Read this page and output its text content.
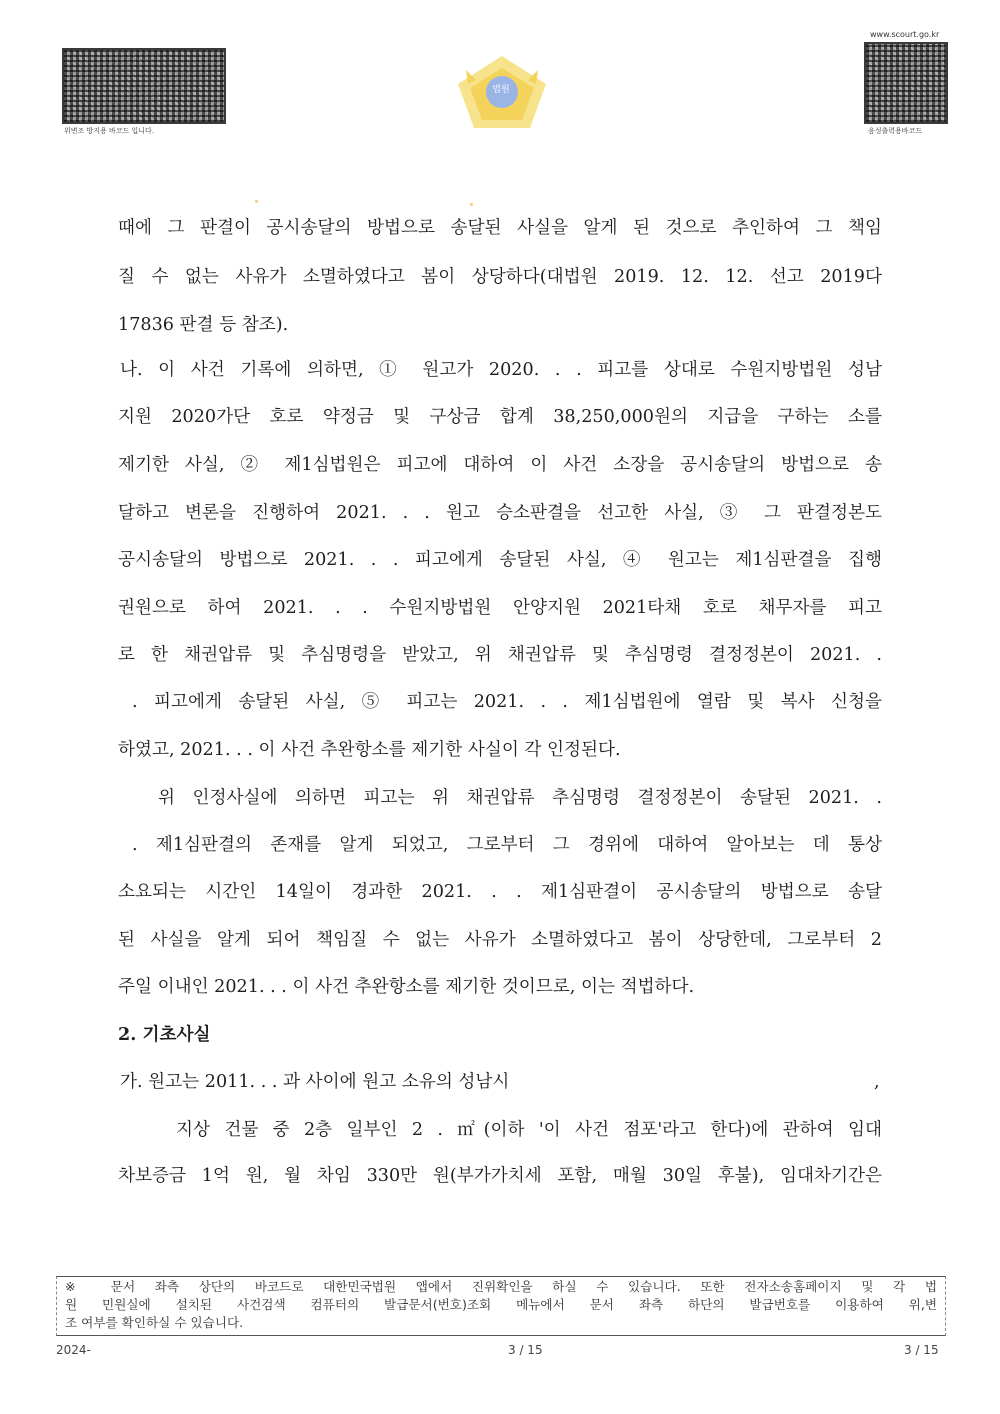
위변조 방지용 바코드 입니다.
법원
www.scourt.go.kr
음성출력용바코드
때에 그 판결이 공시송달의 방법으로 송달된 사실을 알게 된 것으로 추인하여 그 책임
질 수 없는 사유가 소멸하였다고 봄이 상당하다(대법원 2019. 12. 12. 선고 2019다
17836 판결 등 참조).
나. 이 사건 기록에 의하면, ① 원고가 2020. . . 피고를 상대로 수원지방법원 성남
지원 2020가단 호로 약정금 및 구상금 합계 38,250,000원의 지급을 구하는 소를
제기한 사실, ② 제1심법원은 피고에 대하여 이 사건 소장을 공시송달의 방법으로 송
달하고 변론을 진행하여 2021. . . 원고 승소판결을 선고한 사실, ③ 그 판결정본도
공시송달의 방법으로 2021. . . 피고에게 송달된 사실, ④ 원고는 제1심판결을 집행
권원으로 하여 2021. . . 수원지방법원 안양지원 2021타채 호로 채무자를 피고
로 한 채권압류 및 추심명령을 받았고, 위 채권압류 및 추심명령 결정정본이 2021. .
. 피고에게 송달된 사실, ⑤ 피고는 2021. . . 제1심법원에 열람 및 복사 신청을
하였고, 2021. . . 이 사건 추완항소를 제기한 사실이 각 인정된다.
위 인정사실에 의하면 피고는 위 채권압류 추심명령 결정정본이 송달된 2021. .
. 제1심판결의 존재를 알게 되었고, 그로부터 그 경위에 대하여 알아보는 데 통상
소요되는 시간인 14일이 경과한 2021. . . 제1심판결이 공시송달의 방법으로 송달
된 사실을 알게 되어 책임질 수 없는 사유가 소멸하였다고 봄이 상당한데, 그로부터 2
주일 이내인 2021. . . 이 사건 추완항소를 제기한 것이므로, 이는 적법하다.
2. 기초사실
가. 원고는 2011. . . 과 사이에 원고 소유의 성남시	,
지상 건물 중 2층 일부인 2 . ㎡(이하 '이 사건 점포'라고 한다)에 관하여 임대
차보증금 1억 원, 월 차임 330만 원(부가가치세 포함, 매월 30일 후불), 임대차기간은
※ 문서 좌측 상단의 바코드로 대한민국법원 앱에서 진위확인을 하실 수 있습니다. 또한 전자소송홈페이지 및 각 법
원 민원실에 설치된 사건검색 컴퓨터의 발급문서(번호)조회 메뉴에서 문서 좌측 하단의 발급번호를 이용하여 위,변
조 여부를 확인하실 수 있습니다.
2024-	3 / 15	3 / 15
